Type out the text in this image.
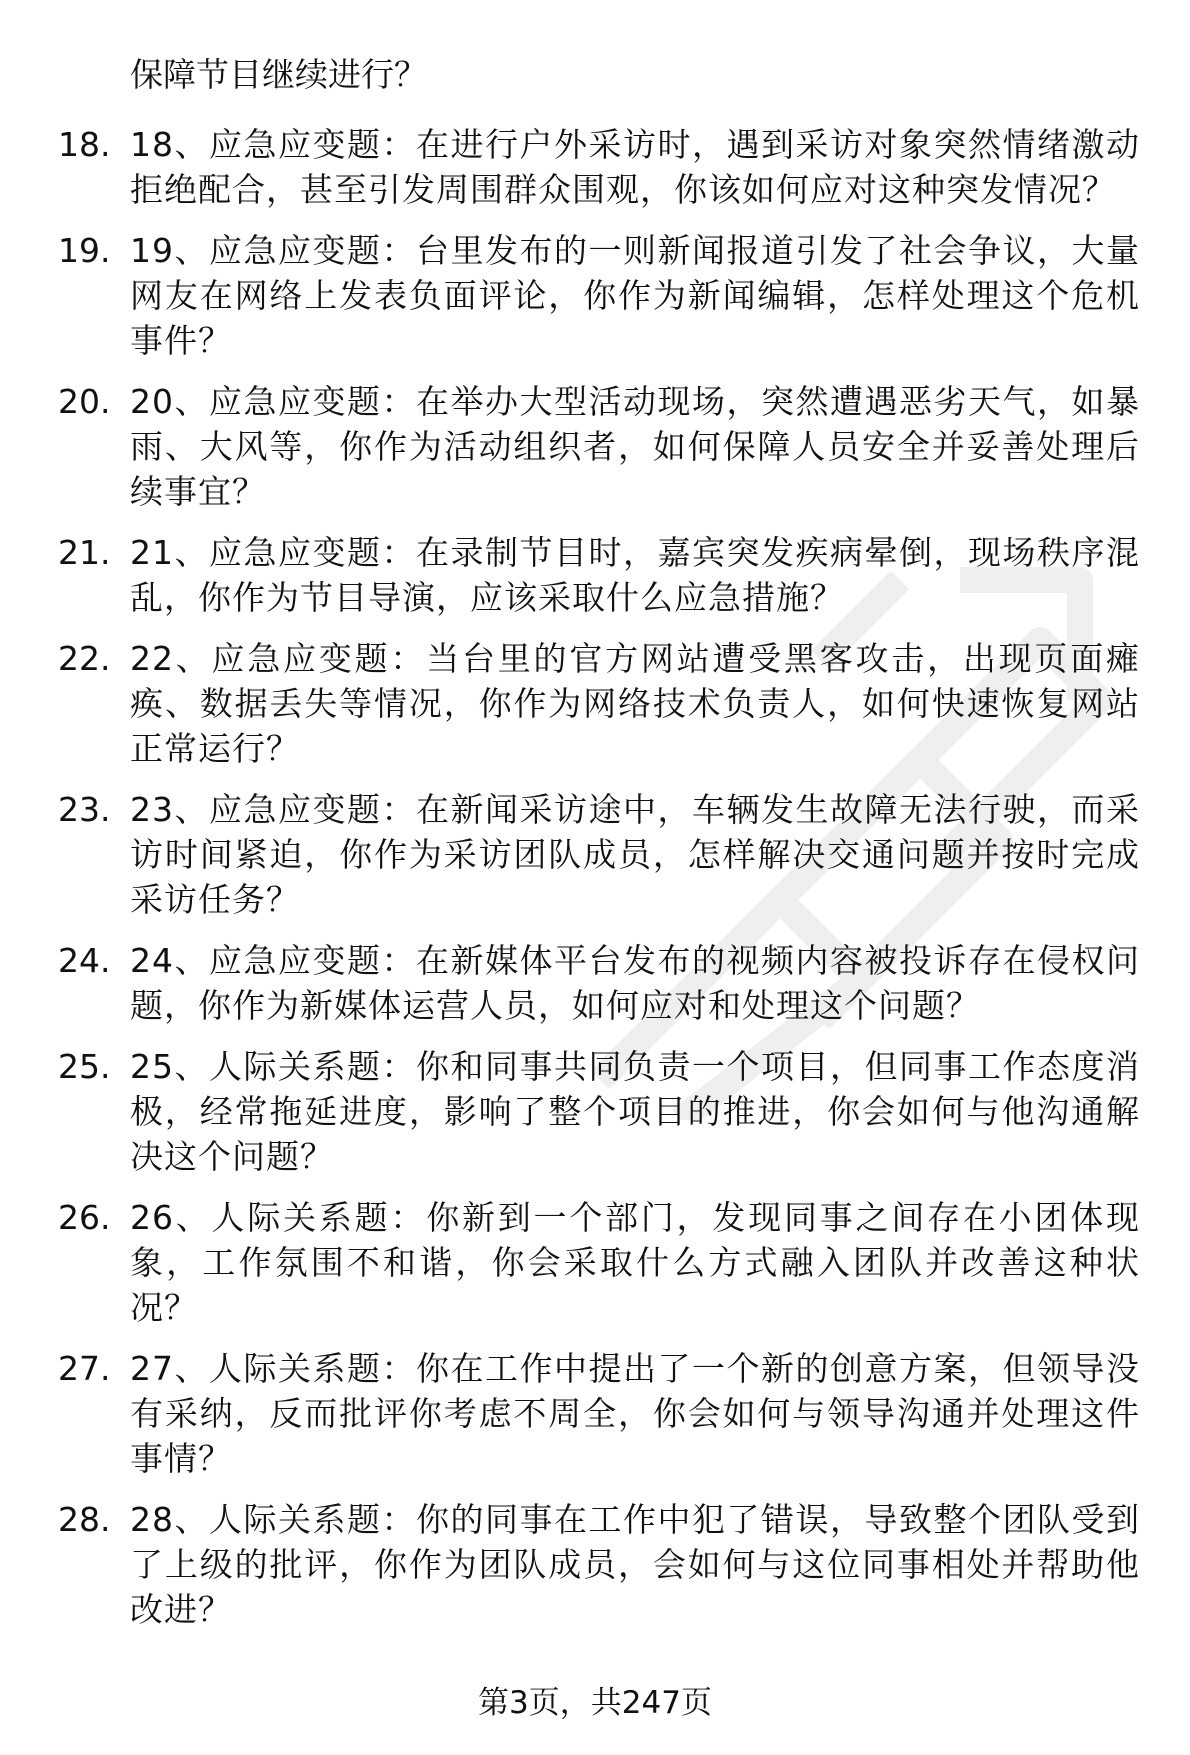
保障节目继续进行？

18. 18、应急应变题：在进行户外采访时，遇到采访对象突然情绪激动拒绝配合，甚至引发周围群众围观，你该如何应对这种突发情况？
19. 19、应急应变题：台里发布的一则新闻报道引发了社会争议，大量网友在网络上发表负面评论，你作为新闻编辑，怎样处理这个危机事件？
20. 20、应急应变题：在举办大型活动现场，突然遭遇恶劣天气，如暴雨、大风等，你作为活动组织者，如何保障人员安全并妥善处理后续事宜？
21. 21、应急应变题：在录制节目时，嘉宾突发疾病晕倒，现场秩序混乱，你作为节目导演，应该采取什么应急措施？
22. 22、应急应变题：当台里的官方网站遭受黑客攻击，出现页面瘫痪、数据丢失等情况，你作为网络技术负责人，如何快速恢复网站正常运行？
23. 23、应急应变题：在新闻采访途中，车辆发生故障无法行驶，而采访时间紧迫，你作为采访团队成员，怎样解决交通问题并按时完成采访任务？
24. 24、应急应变题：在新媒体平台发布的视频内容被投诉存在侵权问题，你作为新媒体运营人员，如何应对和处理这个问题？
25. 25、人际关系题：你和同事共同负责一个项目，但同事工作态度消极，经常拖延进度，影响了整个项目的推进，你会如何与他沟通解决这个问题？
26. 26、人际关系题：你新到一个部门，发现同事之间存在小团体现象，工作氛围不和谐，你会采取什么方式融入团队并改善这种状况？
27. 27、人际关系题：你在工作中提出了一个新的创意方案，但领导没有采纳，反而批评你考虑不周全，你会如何与领导沟通并处理这件事情？
28. 28、人际关系题：你的同事在工作中犯了错误，导致整个团队受到了上级的批评，你作为团队成员，会如何与这位同事相处并帮助他改进？
第3页，共247页
